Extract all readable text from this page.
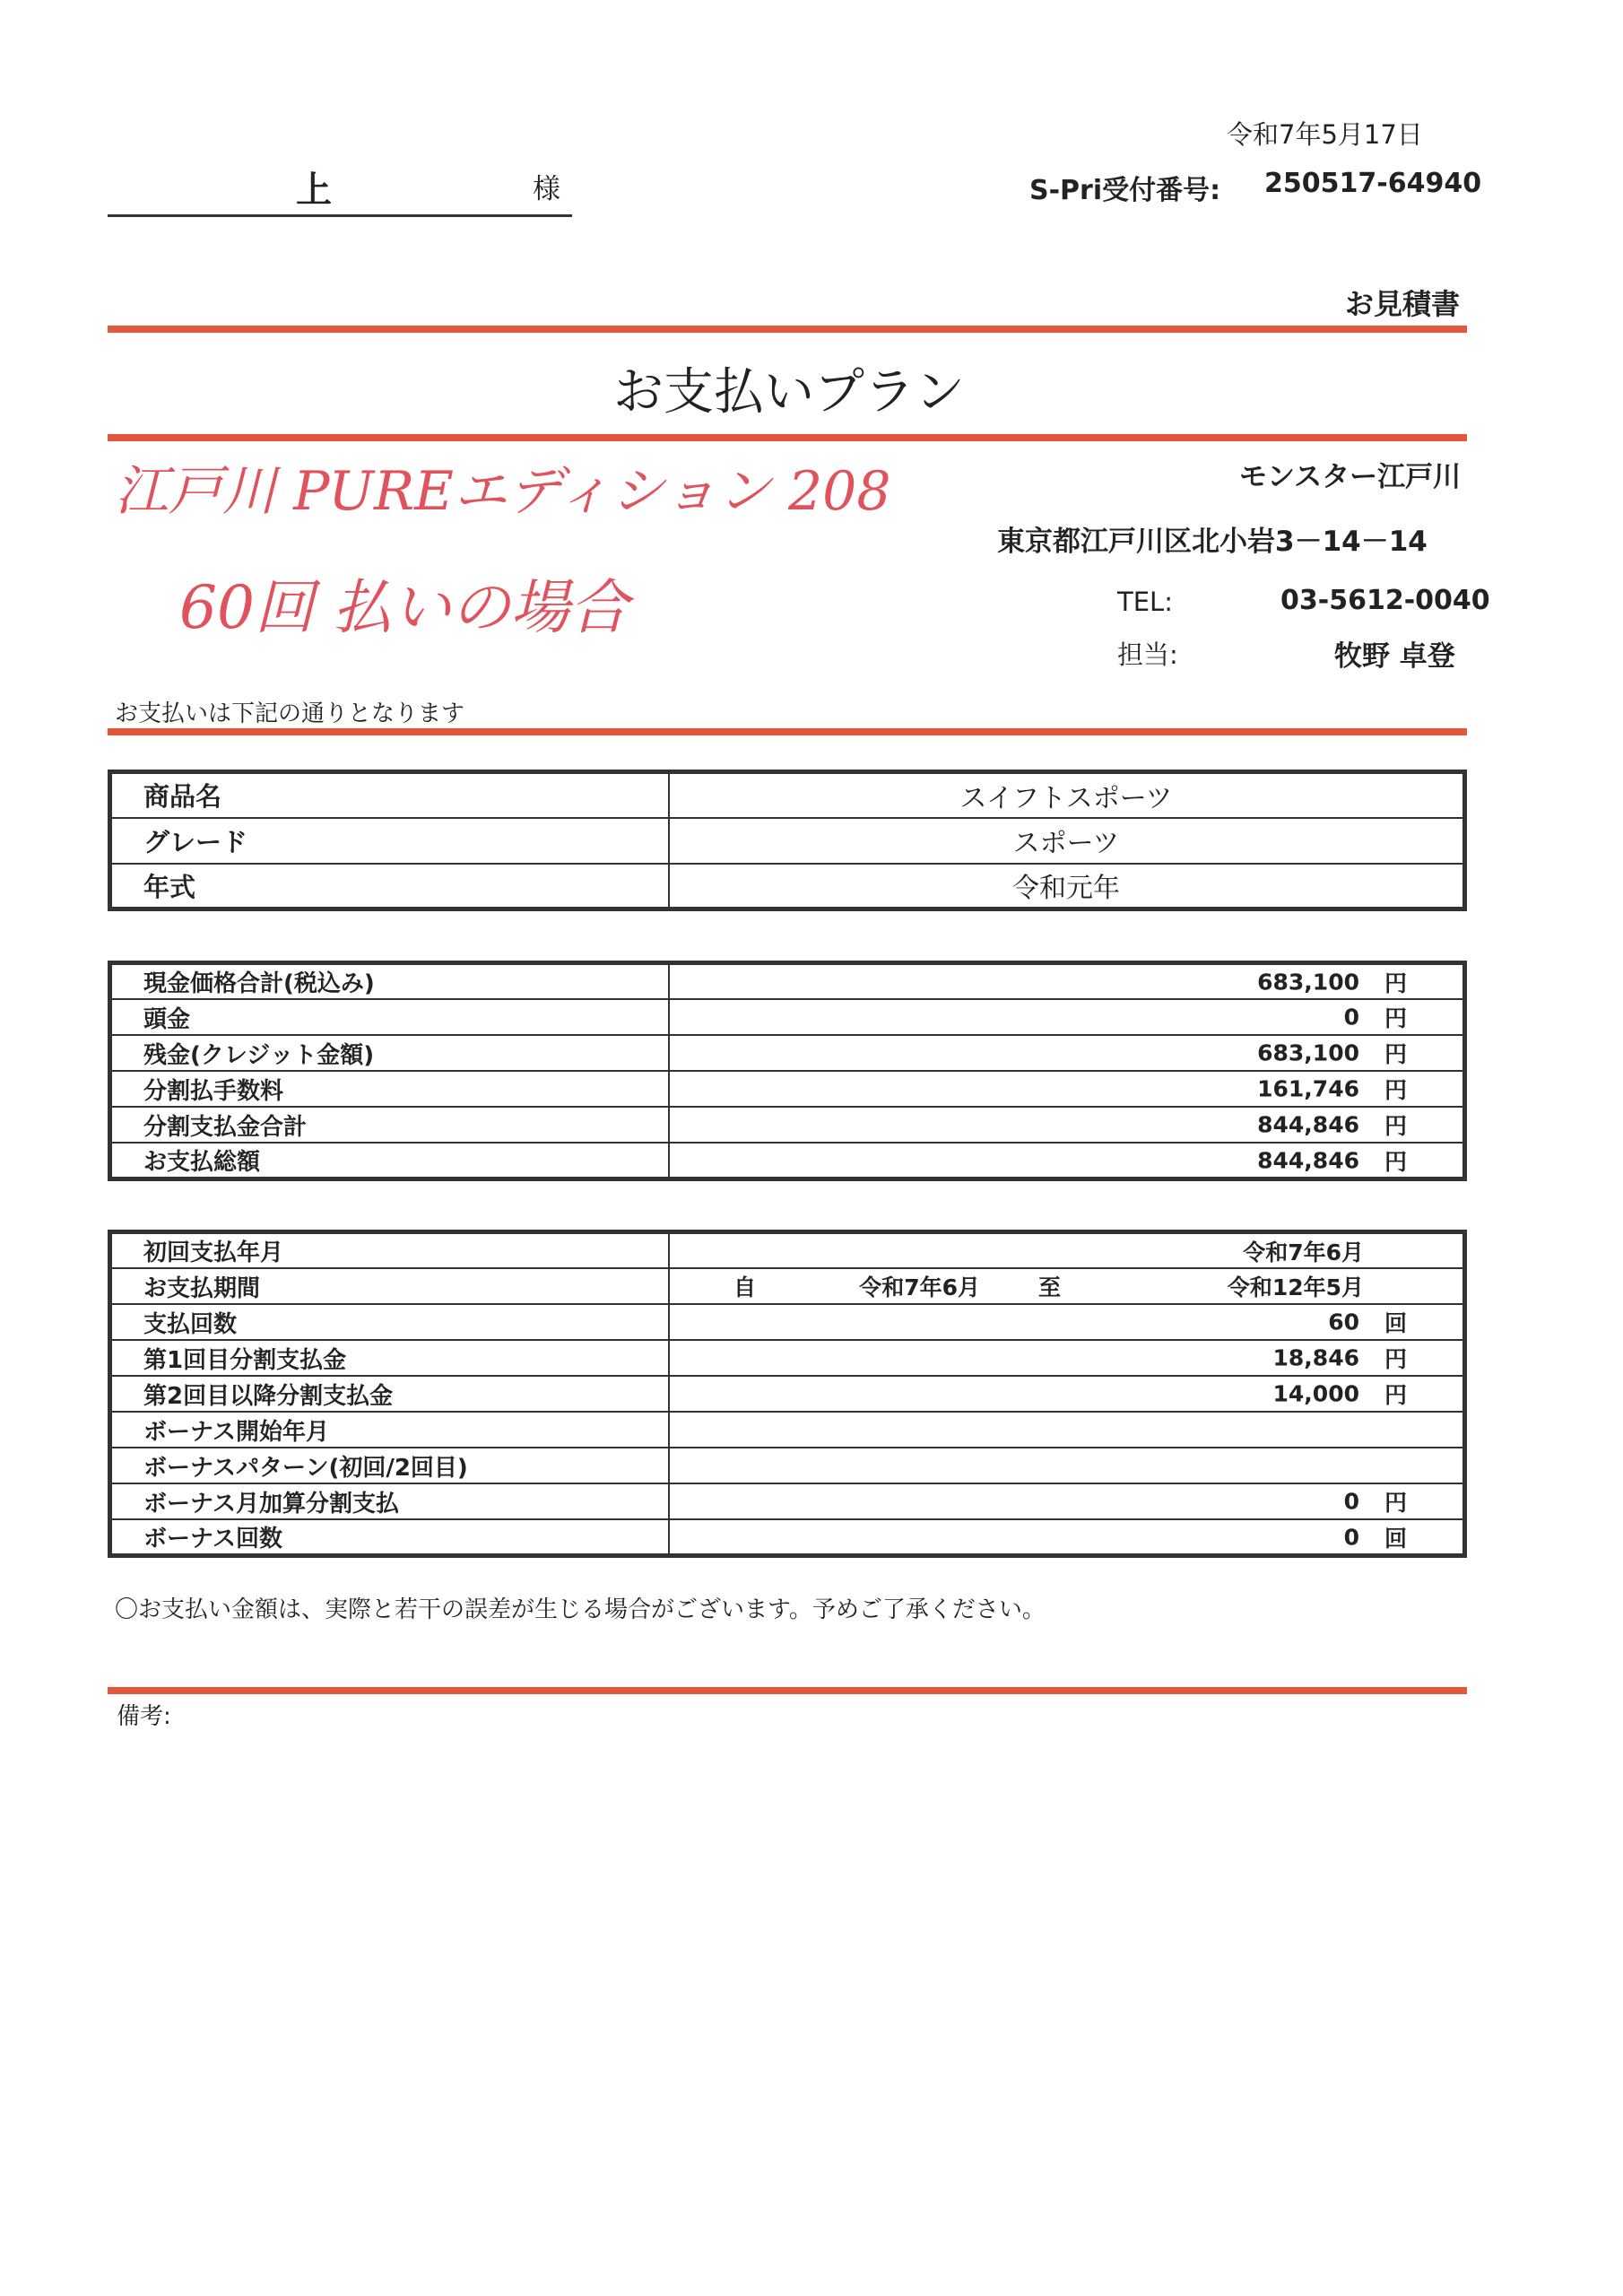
令和7年5月17日
上	様	S-Pri受付番号: 250517-64940
お見積書
お支払いプラン
モンスター江戸川
東京都江戸川区北小岩3－14－14
TEL:	03-5612-0040
担当:	牧野 卓登
江戸川 PUREエディション 208
60回 払いの場合
お支払いは下記の通りとなります
商品名	スイフトスポーツ
グレード	スポーツ
年式	令和元年
現金価格合計(税込み)	683,100 円

頭金	0 円

残金(クレジット金額)	683,100 円

分割払手数料	161,746 円

分割支払金合計	844,846 円

お支払総額	844,846 円
初回支払年月	令和7年6月

お支払期間	自 令和7年6月 至 令和12年5月

支払回数	60 回

第1回目分割支払金	18,846 円

第2回目以降分割支払金	14,000 円

ボーナス開始年月	

ボーナスパターン(初回/2回目)	

ボーナス月加算分割支払	0 円

ボーナス回数	0 回
〇お支払い金額は、実際と若干の誤差が生じる場合がございます。予めご了承ください。
備考:
